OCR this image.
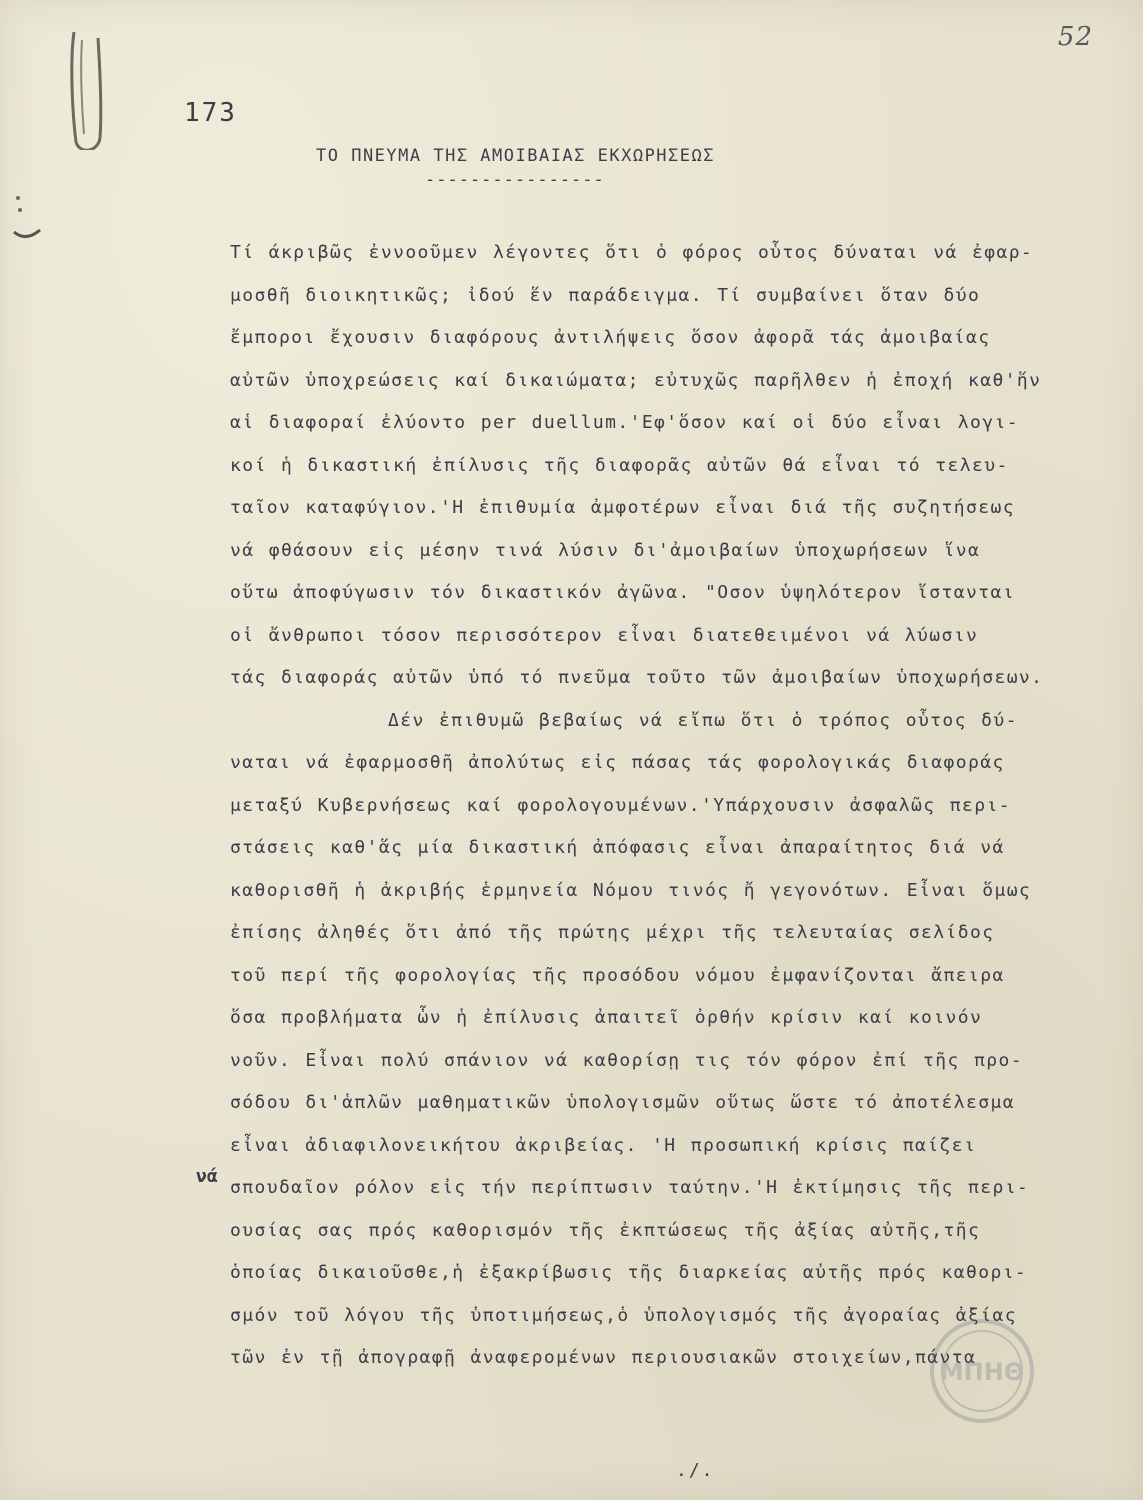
52
173
ΤΟ ΠΝΕΥΜΑ ΤΗΣ ΑΜΟΙΒΑΙΑΣ ΕΚΧΩΡΗΣΕΩΣ
----------------
Τί άκριβῶς ἐννοοῦμεν λέγοντες ὅτι ὁ φόρος οὗτος δύναται νά ἐφαρ-
μοσθῆ διοικητικῶς; ἰδού ἕν παράδειγμα. Τί συμβαίνει ὅταν δύο
ἔμποροι ἔχουσιν διαφόρους ἀντιλήψεις ὅσον ἀφορᾶ τάς ἀμοιβαίας
αὐτῶν ὑποχρεώσεις καί δικαιώματα; εὐτυχῶς παρῆλθεν ἡ ἐποχή καθ'ἥν
αἱ διαφοραί ἐλύοντο per duellum.'Εφ'ὅσον καί οἱ δύο εἶναι λογι-
κοί ἡ δικαστική ἐπίλυσις τῆς διαφορᾶς αὐτῶν θά εἶναι τό τελευ-
ταῖον καταφύγιον.'Η ἐπιθυμία ἀμφοτέρων εἶναι διά τῆς συζητήσεως
νά φθάσουν εἰς μέσην τινά λύσιν δι'ἀμοιβαίων ὑποχωρήσεων ἵνα
οὕτω ἀποφύγωσιν τόν δικαστικόν ἀγῶνα. "Οσον ὑψηλότερον ἵστανται
οἱ ἄνθρωποι τόσον περισσότερον εἶναι διατεθειμένοι νά λύωσιν
τάς διαφοράς αὐτῶν ὑπό τό πνεῦμα τοῦτο τῶν ἀμοιβαίων ὑποχωρήσεων.
Δέν ἐπιθυμῶ βεβαίως νά εἴπω ὅτι ὁ τρόπος οὗτος δύ-
ναται νά ἐφαρμοσθῆ ἀπολύτως εἰς πάσας τάς φορολογικάς διαφοράς
μεταξύ Κυβερνήσεως καί φορολογουμένων.'Υπάρχουσιν ἀσφαλῶς περι-
στάσεις καθ'ἅς μία δικαστική ἀπόφασις εἶναι ἀπαραίτητος διά νά
καθορισθῆ ἡ ἀκριβής ἑρμηνεία Νόμου τινός ἤ γεγονότων. Εἶναι ὅμως
ἐπίσης ἀληθές ὅτι ἀπό τῆς πρώτης μέχρι τῆς τελευταίας σελίδος
τοῦ περί τῆς φορολογίας τῆς προσόδου νόμου ἐμφανίζονται ἄπειρα
ὅσα προβλήματα ὧν ἡ ἐπίλυσις ἀπαιτεῖ ὀρθήν κρίσιν καί κοινόν
νοῦν. Εἶναι πολύ σπάνιον νά καθορίσῃ τις τόν φόρον ἐπί τῆς προ-
σόδου δι'ἁπλῶν μαθηματικῶν ὑπολογισμῶν οὕτως ὥστε τό ἀποτέλεσμα
εἶναι ἀδιαφιλονεικήτου ἀκριβείας. 'Η προσωπική κρίσις παίζει
σπουδαῖον ρόλον εἰς τήν περίπτωσιν ταύτην.'Η ἐκτίμησις τῆς περι-
ουσίας σας πρός καθορισμόν τῆς ἐκπτώσεως τῆς ἀξίας αὐτῆς,τῆς
ὁποίας δικαιοῦσθε,ἡ ἐξακρίβωσις τῆς διαρκείας αὐτῆς πρός καθορι-
σμόν τοῦ λόγου τῆς ὑποτιμήσεως,ὁ ὑπολογισμός τῆς ἀγοραίας ἀξίας
τῶν ἐν τῇ ἀπογραφῇ ἀναφερομένων περιουσιακῶν στοιχείων,πάντα
νά
ΜΠΗΘ
./.
